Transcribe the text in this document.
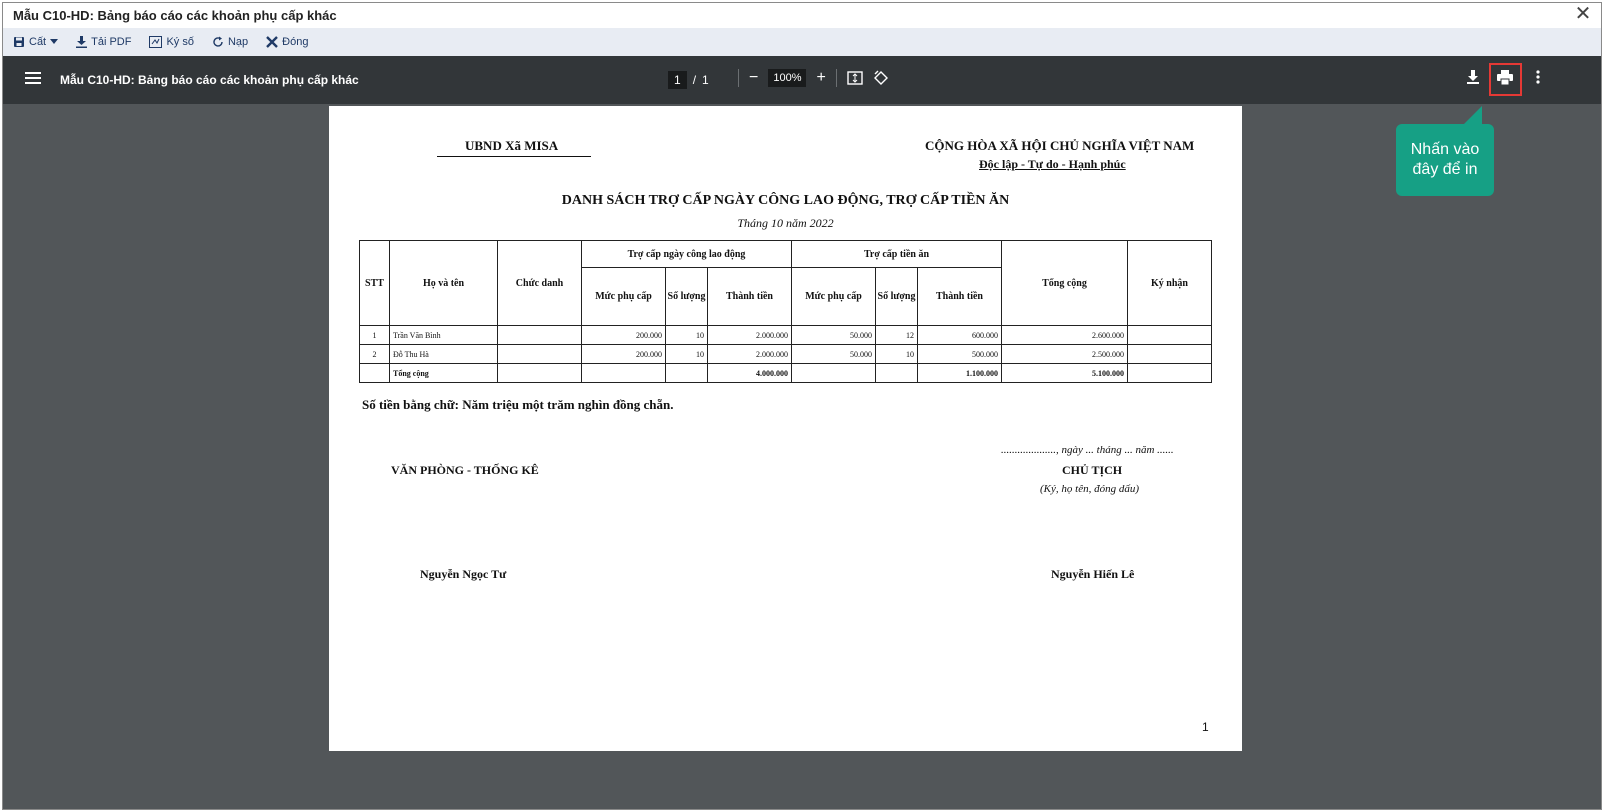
Mẫu C10-HD: Bảng báo cáo các khoản phụ cấp khác	✕
Cất	Tải PDF	Ký số	Nạp	Đóng
Mẫu C10-HD: Bảng báo cáo các khoản phụ cấp khác	1	/ 1	−	100% +
UBND Xã MISA	CỘNG HÒA XÃ HỘI CHỦ NGHĨA VIỆT NAM
Độc lập - Tự do - Hạnh phúc
DANH SÁCH TRỢ CẤP NGÀY CÔNG LAO ĐỘNG, TRỢ CẤP TIỀN ĂN
Tháng 10 năm 2022
STT	Họ và tên	Chức danh	Trợ cấp ngày công lao động			Trợ cấp tiền ăn			Tổng cộng	Ký nhận
			Mức phụ cấp	Số lượng	Thành tiền	Mức phụ cấp	Số lượng	Thành tiền		
1	Trần Văn Bình		200.000	10	2.000.000	50.000	12	600.000	2.600.000	
2	Đỗ Thu Hà		200.000	10	2.000.000	50.000	10	500.000	2.500.000	
	Tổng cộng				4.000.000			1.100.000	5.100.000	
Số tiền bằng chữ: Năm triệu một trăm nghìn đồng chẵn.
...................., ngày ... tháng ... năm ......
VĂN PHÒNG - THỐNG KÊ	CHỦ TỊCH
(Ký, họ tên, đóng dấu)
Nguyễn Ngọc Tư	Nguyễn Hiến Lê
1
Nhấn vào
đây để in
